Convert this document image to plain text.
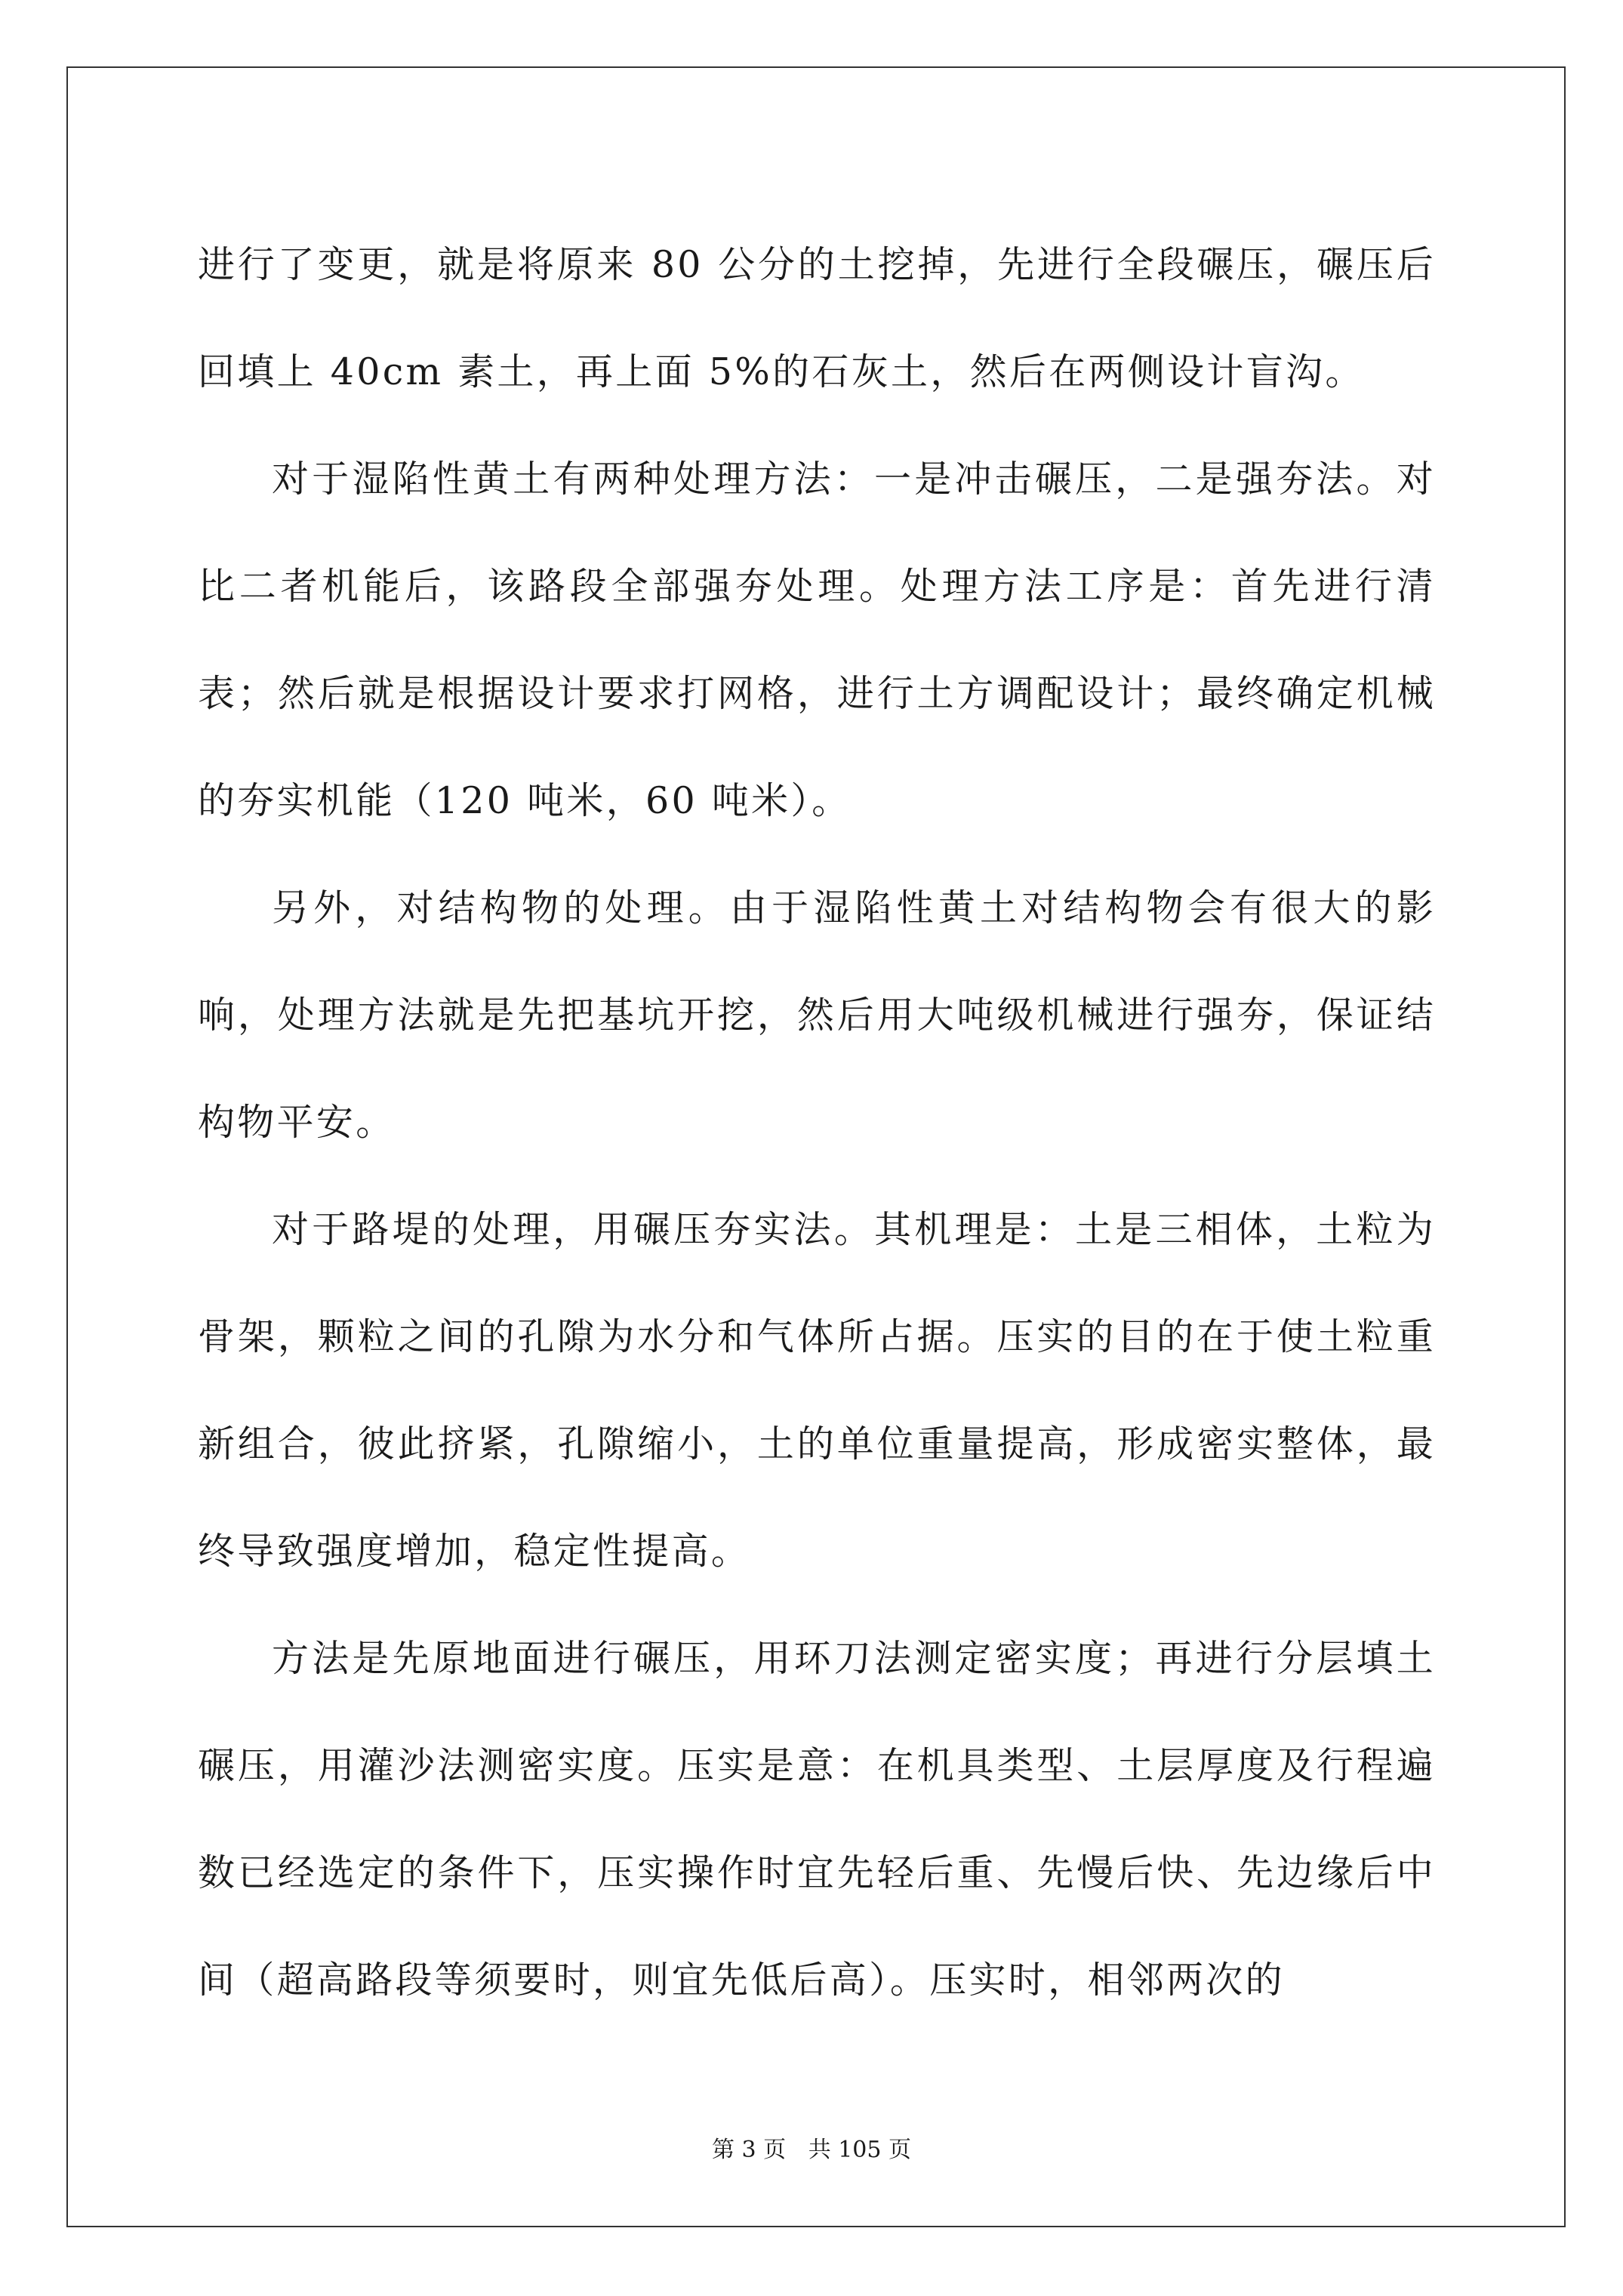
进行了变更，就是将原来 80 公分的土挖掉，先进行全段碾压，碾压后回填上 40cm 素土，再上面 5%的石灰土，然后在两侧设计盲沟。

对于湿陷性黄土有两种处理方法：一是冲击碾压，二是强夯法。对比二者机能后，该路段全部强夯处理。处理方法工序是：首先进行清表；然后就是根据设计要求打网格，进行土方调配设计；最终确定机械的夯实机能（120 吨米，60 吨米）。

另外，对结构物的处理。由于湿陷性黄土对结构物会有很大的影响，处理方法就是先把基坑开挖，然后用大吨级机械进行强夯，保证结构物平安。

对于路堤的处理，用碾压夯实法。其机理是：土是三相体，土粒为骨架，颗粒之间的孔隙为水分和气体所占据。压实的目的在于使土粒重新组合，彼此挤紧，孔隙缩小，土的单位重量提高，形成密实整体，最终导致强度增加，稳定性提高。

方法是先原地面进行碾压，用环刀法测定密实度；再进行分层填土碾压，用灌沙法测密实度。压实是意：在机具类型、土层厚度及行程遍数已经选定的条件下，压实操作时宜先轻后重、先慢后快、先边缘后中间（超高路段等须要时，则宜先低后高）。压实时，相邻两次的

第 3 页 共 105 页
